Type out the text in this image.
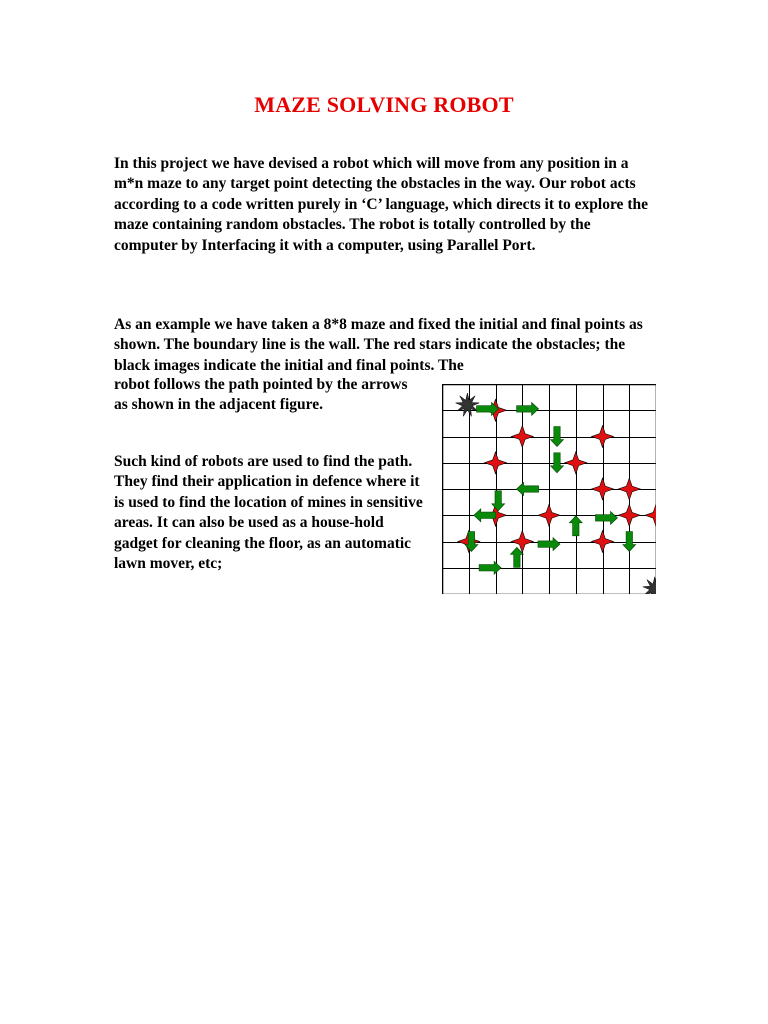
MAZE SOLVING ROBOT

In this project we have devised a robot which will move from any position in a m*n maze to any target point detecting the obstacles in the way. Our robot acts according to a code written purely in ‘C’ language, which directs it to explore the maze containing random obstacles. The robot is totally controlled by the computer by Interfacing it with a computer, using Parallel Port.

As an example we have taken a 8*8 maze and fixed the initial and final points as shown. The boundary line is the wall. The red stars indicate the obstacles; the black images indicate the initial and final points. The

robot follows the path pointed by the arrows as shown in the adjacent figure.

Such kind of robots are used to find the path. They find their application in defence where it is used to find the location of mines in sensitive areas. It can also be used as a house-hold gadget for cleaning the floor, as an automatic lawn mover, etc;
